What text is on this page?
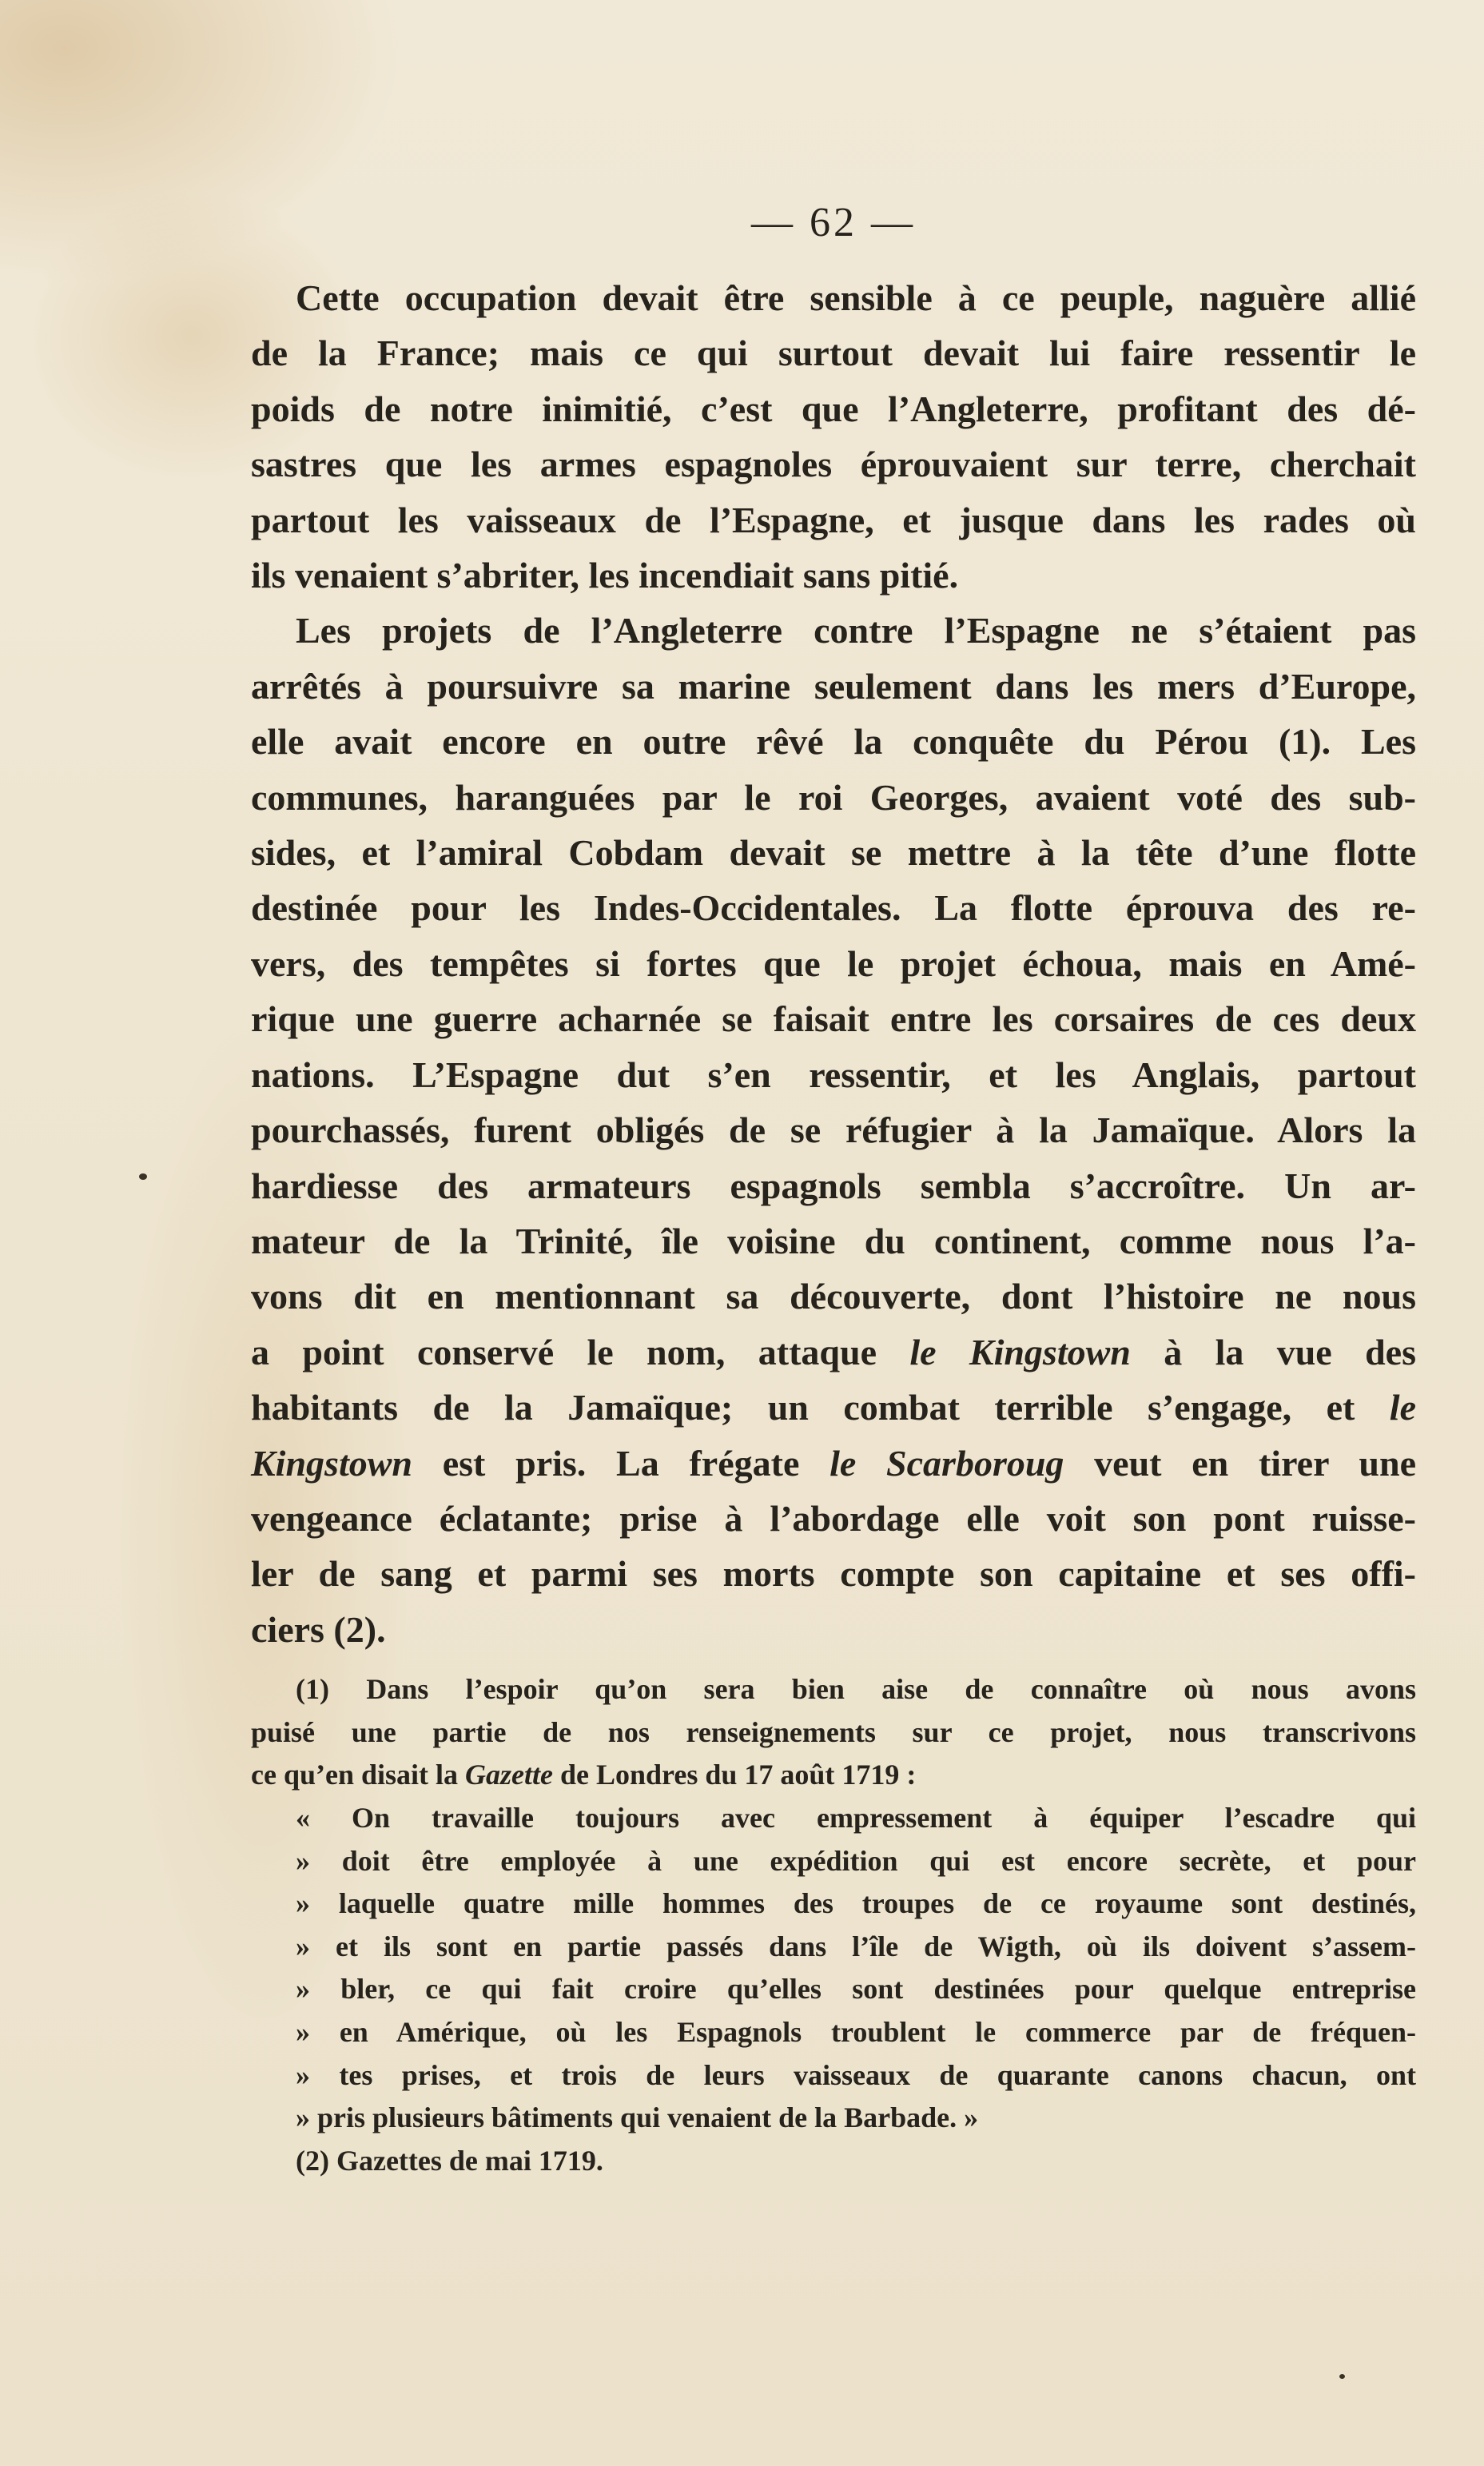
— 62 —
Cette occupation devait être sensible à ce peuple, naguère allié
de la France; mais ce qui surtout devait lui faire ressentir le
poids de notre inimitié, c’est que l’Angleterre, profitant des dé-
sastres que les armes espagnoles éprouvaient sur terre, cherchait
partout les vaisseaux de l’Espagne, et jusque dans les rades où
ils venaient s’abriter, les incendiait sans pitié.
Les projets de l’Angleterre contre l’Espagne ne s’étaient pas
arrêtés à poursuivre sa marine seulement dans les mers d’Europe,
elle avait encore en outre rêvé la conquête du Pérou (1). Les
communes, haranguées par le roi Georges, avaient voté des sub-
sides, et l’amiral Cobdam devait se mettre à la tête d’une flotte
destinée pour les Indes-Occidentales. La flotte éprouva des re-
vers, des tempêtes si fortes que le projet échoua, mais en Amé-
rique une guerre acharnée se faisait entre les corsaires de ces deux
nations. L’Espagne dut s’en ressentir, et les Anglais, partout
pourchassés, furent obligés de se réfugier à la Jamaïque. Alors la
hardiesse des armateurs espagnols sembla s’accroître. Un ar-
mateur de la Trinité, île voisine du continent, comme nous l’a-
vons dit en mentionnant sa découverte, dont l’histoire ne nous
a point conservé le nom, attaque le Kingstown à la vue des
habitants de la Jamaïque; un combat terrible s’engage, et le
Kingstown est pris. La frégate le Scarboroug veut en tirer une
vengeance éclatante; prise à l’abordage elle voit son pont ruisse-
ler de sang et parmi ses morts compte son capitaine et ses offi-
ciers (2).
(1) Dans l’espoir qu’on sera bien aise de connaître où nous avons
puisé une partie de nos renseignements sur ce projet, nous transcrivons
ce qu’en disait la Gazette de Londres du 17 août 1719 :
« On travaille toujours avec empressement à équiper l’escadre qui
» doit être employée à une expédition qui est encore secrète, et pour
» laquelle quatre mille hommes des troupes de ce royaume sont destinés,
» et ils sont en partie passés dans l’île de Wigth, où ils doivent s’assem-
» bler, ce qui fait croire qu’elles sont destinées pour quelque entreprise
» en Amérique, où les Espagnols troublent le commerce par de fréquen-
» tes prises, et trois de leurs vaisseaux de quarante canons chacun, ont
» pris plusieurs bâtiments qui venaient de la Barbade. »
(2) Gazettes de mai 1719.
